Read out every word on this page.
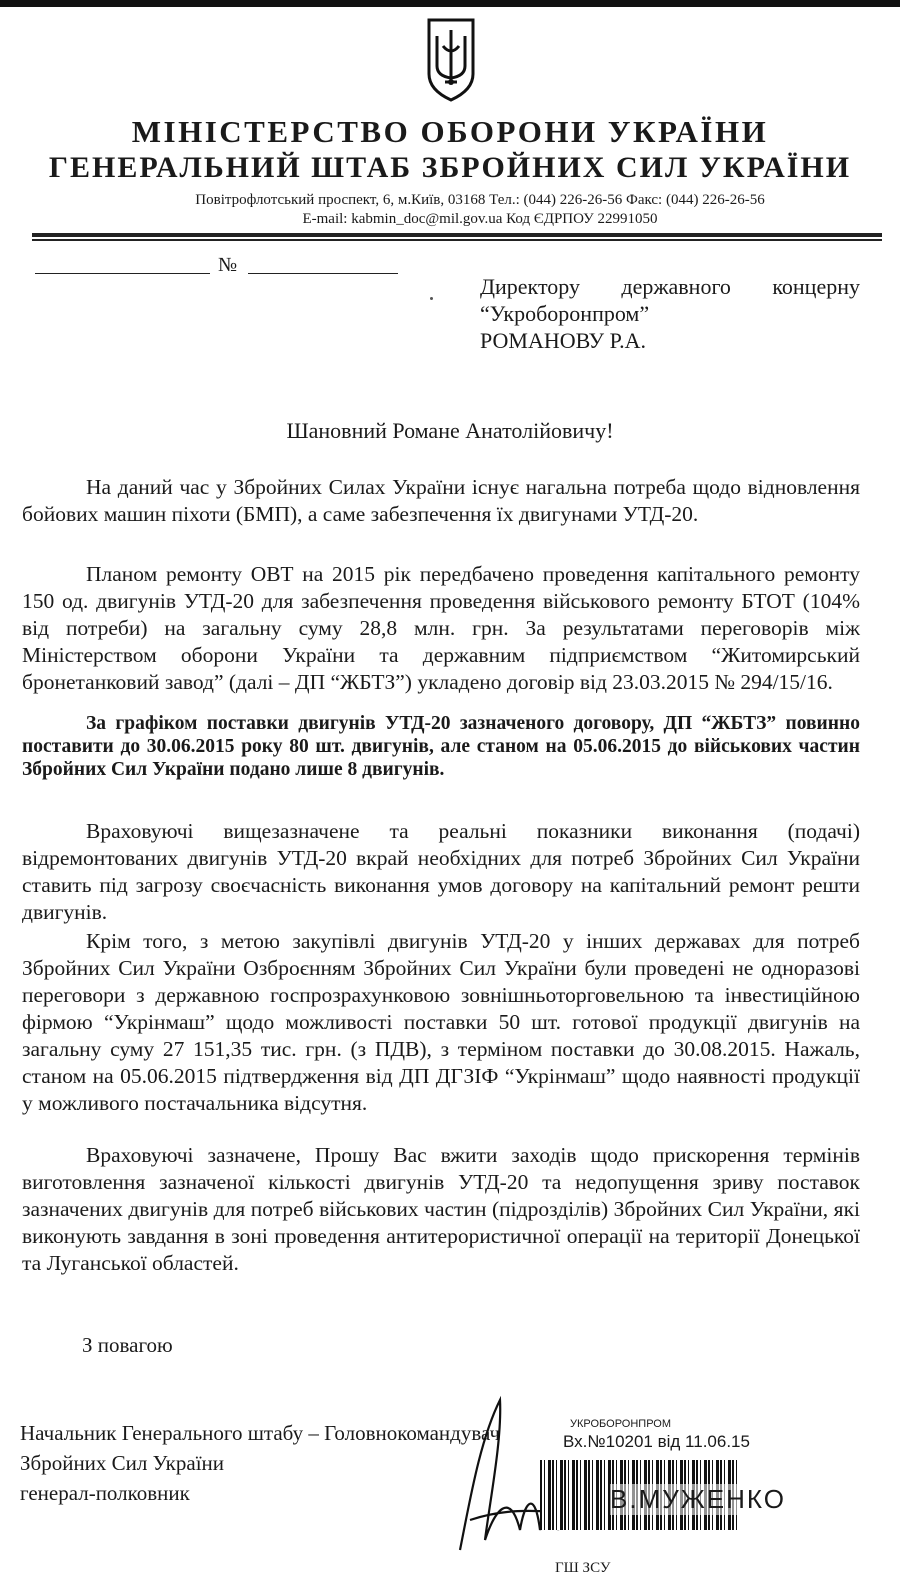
МІНІСТЕРСТВО ОБОРОНИ УКРАЇНИ
ГЕНЕРАЛЬНИЙ ШТАБ ЗБРОЙНИХ СИЛ УКРАЇНИ
Повітрофлотський проспект, 6, м.Київ, 03168 Тел.: (044) 226-26-56 Факс: (044) 226-26-56
E-mail: kabmin_doc@mil.gov.ua Код ЄДРПОУ 22991050
№
Директору державного концерну
“Укроборонпром”
РОМАНОВУ Р.А.
Шановний Романе Анатолійовичу!

На даний час у Збройних Силах України існує нагальна потреба щодо відновлення бойових машин піхоти (БМП), а саме забезпечення їх двигунами УТД-20.

Планом ремонту ОВТ на 2015 рік передбачено проведення капітального ремонту 150 од. двигунів УТД-20 для забезпечення проведення військового ремонту БТОТ (104% від потреби) на загальну суму 28,8 млн. грн. За результатами переговорів між Міністерством оборони України та державним підприємством “Житомирський бронетанковий завод” (далі – ДП “ЖБТЗ”) укладено договір від 23.03.2015 № 294/15/16.

За графіком поставки двигунів УТД-20 зазначеного договору, ДП “ЖБТЗ” повинно поставити до 30.06.2015 року 80 шт. двигунів, але станом на 05.06.2015 до військових частин Збройних Сил України подано лише 8 двигунів.

Враховуючі вищезазначене та реальні показники виконання (подачі) відремонтованих двигунів УТД-20 вкрай необхідних для потреб Збройних Сил України ставить під загрозу своєчасність виконання умов договору на капітальний ремонт решти двигунів.

Крім того, з метою закупівлі двигунів УТД-20 у інших державах для потреб Збройних Сил України Озброєнням Збройних Сил України були проведені не одноразові переговори з державною госпрозрахунковою зовнішньоторговельною та інвестиційною фірмою “Укрінмаш” щодо можливості поставки 50 шт. готової продукції двигунів на загальну суму 27 151,35 тис. грн. (з ПДВ), з терміном поставки до 30.08.2015. Нажаль, станом на 05.06.2015 підтвердження від ДП ДГЗІФ “Укрінмаш” щодо наявності продукції у можливого постачальника відсутня.

Враховуючі зазначене, Прошу Вас вжити заходів щодо прискорення термінів виготовлення зазначеної кількості двигунів УТД-20 та недопущення зриву поставок зазначених двигунів для потреб військових частин (підрозділів) Збройних Сил України, які виконують завдання в зоні проведення антитерористичної операції на території Донецької та Луганської областей.

З повагою
Начальник Генерального штабу – Головнокомандувач
Збройних Сил України
генерал-полковник
УКРОБОРОНПРОМ
Вх.№10201 від 11.06.15
В.МУЖЕНКО
ГШ ЗСУ
